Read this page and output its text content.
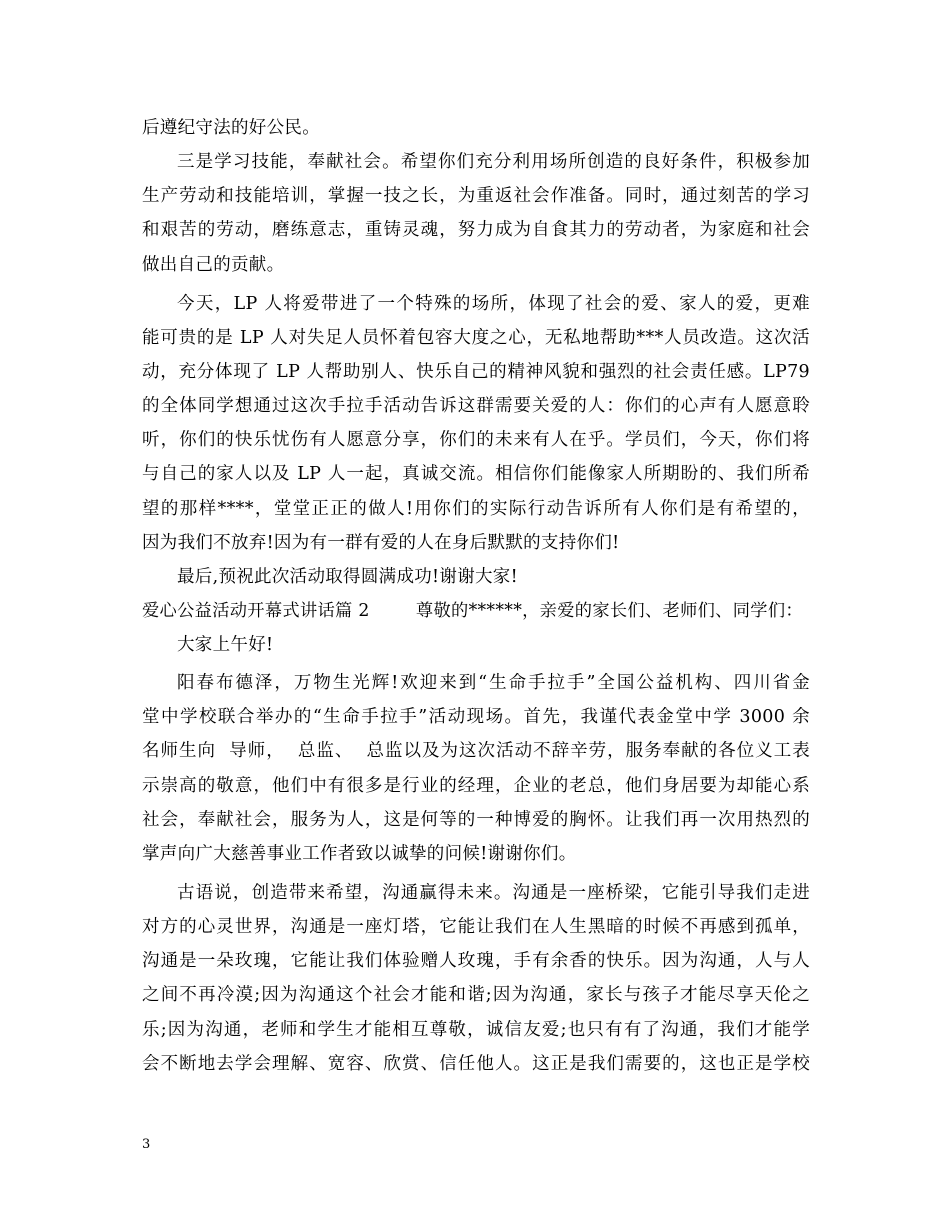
后遵纪守法的好公民。
三是学习技能，奉献社会。希望你们充分利用场所创造的良好条件，积极参加
生产劳动和技能培训，掌握一技之长，为重返社会作准备。同时，通过刻苦的学习
和艰苦的劳动，磨练意志，重铸灵魂，努力成为自食其力的劳动者，为家庭和社会
做出自己的贡献。
今天，LP 人将爱带进了一个特殊的场所，体现了社会的爱、家人的爱，更难
能可贵的是 LP 人对失足人员怀着包容大度之心，无私地帮助***人员改造。这次活
动，充分体现了 LP 人帮助别人、快乐自己的精神风貌和强烈的社会责任感。LP79
的全体同学想通过这次手拉手活动告诉这群需要关爱的人：你们的心声有人愿意聆
听，你们的快乐忧伤有人愿意分享，你们的未来有人在乎。学员们，今天，你们将
与自己的家人以及 LP 人一起，真诚交流。相信你们能像家人所期盼的、我们所希
望的那样****，堂堂正正的做人!用你们的实际行动告诉所有人你们是有希望的，
因为我们不放弃!因为有一群有爱的人在身后默默的支持你们!
最后,预祝此次活动取得圆满成功!谢谢大家!
爱心公益活动开幕式讲话篇 2        尊敬的******，亲爱的家长们、老师们、同学们：
大家上午好!
阳春布德泽，万物生光辉!欢迎来到“生命手拉手”全国公益机构、四川省金
堂中学校联合举办的“生命手拉手”活动现场。首先，我谨代表金堂中学 3000 余
名师生向  导师，  总监、  总监以及为这次活动不辞辛劳，服务奉献的各位义工表
示崇高的敬意，他们中有很多是行业的经理，企业的老总，他们身居要为却能心系
社会，奉献社会，服务为人，这是何等的一种博爱的胸怀。让我们再一次用热烈的
掌声向广大慈善事业工作者致以诚挚的问候!谢谢你们。
古语说，创造带来希望，沟通赢得未来。沟通是一座桥梁，它能引导我们走进
对方的心灵世界，沟通是一座灯塔，它能让我们在人生黑暗的时候不再感到孤单，
沟通是一朵玫瑰，它能让我们体验赠人玫瑰，手有余香的快乐。因为沟通，人与人
之间不再冷漠;因为沟通这个社会才能和谐;因为沟通，家长与孩子才能尽享天伦之
乐;因为沟通，老师和学生才能相互尊敬，诚信友爱;也只有有了沟通，我们才能学
会不断地去学会理解、宽容、欣赏、信任他人。这正是我们需要的，这也正是学校
3
